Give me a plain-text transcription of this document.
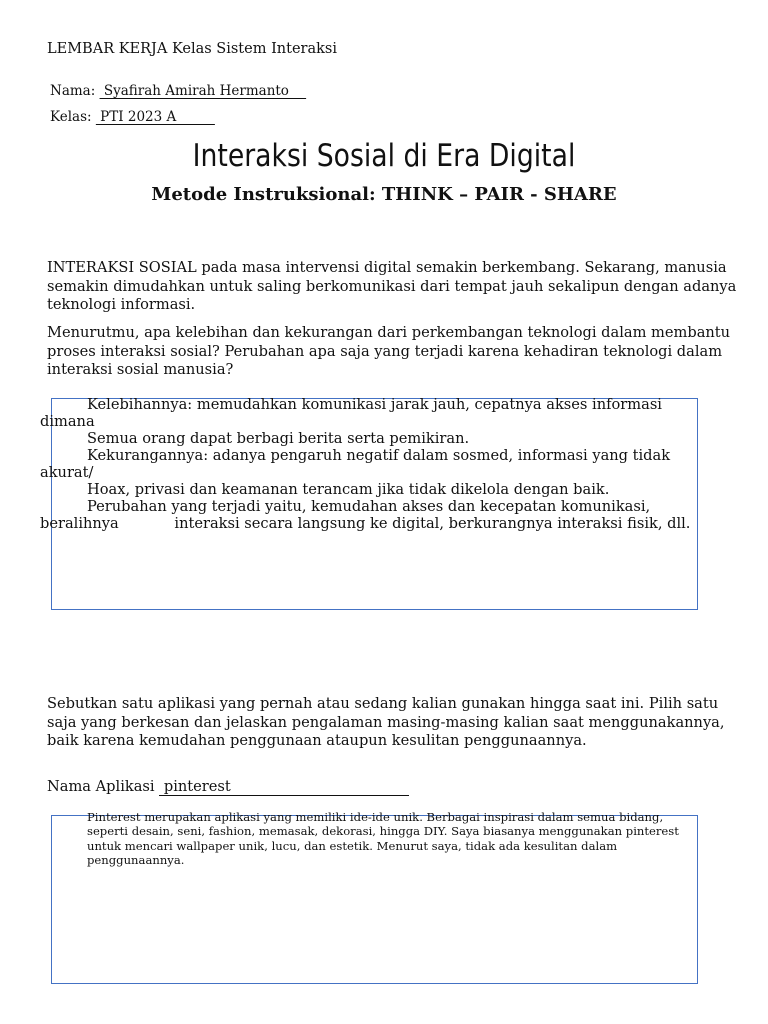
LEMBAR KERJA Kelas Sistem Interaksi
Nama:  Syafirah Amirah Hermanto
Kelas:  PTI 2023 A
Interaksi Sosial di Era Digital
Metode Instruksional: THINK – PAIR - SHARE
INTERAKSI SOSIAL pada masa intervensi digital semakin berkembang. Sekarang, manusia semakin dimudahkan untuk saling berkomunikasi dari tempat jauh sekalipun dengan adanya teknologi informasi.
Menurutmu, apa kelebihan dan kekurangan dari perkembangan teknologi dalam membantu proses interaksi sosial? Perubahan apa saja yang terjadi karena kehadiran teknologi dalam interaksi sosial manusia?

Kelebihannya: memudahkan komunikasi jarak jauh, cepatnya akses informasi dimana

Semua orang dapat berbagi berita serta pemikiran.

Kekurangannya: adanya pengaruh negatif dalam sosmed, informasi yang tidak akurat/

Hoax, privasi dan keamanan terancam jika tidak dikelola dengan baik.

Perubahan yang terjadi yaitu, kemudahan akses dan kecepatan komunikasi, beralihnya            interaksi secara langsung ke digital, berkurangnya interaksi fisik, dll.

Sebutkan satu aplikasi yang pernah atau sedang kalian gunakan hingga saat ini. Pilih satu saja yang berkesan dan jelaskan pengalaman masing-masing kalian saat menggunakannya, baik karena kemudahan penggunaan ataupun kesulitan penggunaannya.
Nama Aplikasi  pinterest
Pinterest merupakan aplikasi yang memiliki ide-ide unik. Berbagai inspirasi dalam semua bidang, seperti desain, seni, fashion, memasak, dekorasi, hingga DIY. Saya biasanya menggunakan pinterest untuk mencari wallpaper unik, lucu, dan estetik. Menurut saya, tidak ada kesulitan dalam penggunaannya.
